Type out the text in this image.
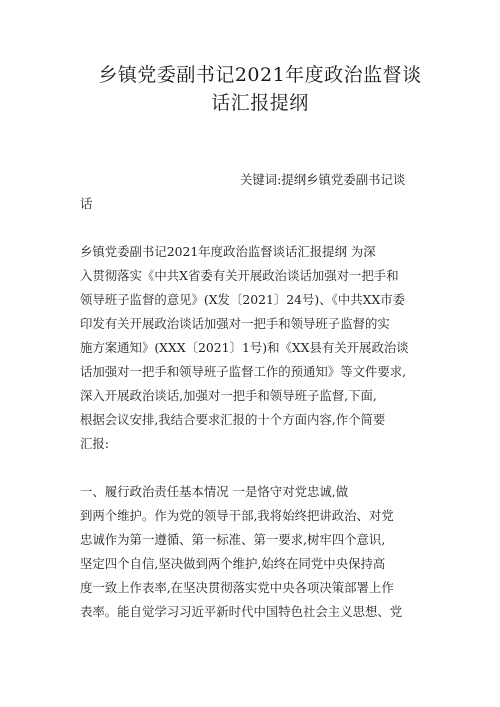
乡镇党委副书记2021年度政治监督谈
话汇报提纲
关键词:提纲乡镇党委副书记谈
话
乡镇党委副书记2021年度政治监督谈话汇报提纲 为深
入贯彻落实《中共X省委有关开展政治谈话加强对一把手和
领导班子监督的意见》(X发〔2021〕24号)、《中共XX市委
印发有关开展政治谈话加强对一把手和领导班子监督的实
施方案通知》(XXX〔2021〕1号)和《XX县有关开展政治谈
话加强对一把手和领导班子监督工作的预通知》等文件要求,
深入开展政治谈话,加强对一把手和领导班子监督,下面,
根据会议安排,我结合要求汇报的十个方面内容,作个简要
汇报:
一、履行政治责任基本情况 一是恪守对党忠诚,做
到两个维护。作为党的领导干部,我将始终把讲政治、对党
忠诚作为第一遵循、第一标准、第一要求,树牢四个意识,
坚定四个自信,坚决做到两个维护,始终在同党中央保持高
度一致上作表率,在坚决贯彻落实党中央各项决策部署上作
表率。能自觉学习习近平新时代中国特色社会主义思想、党
